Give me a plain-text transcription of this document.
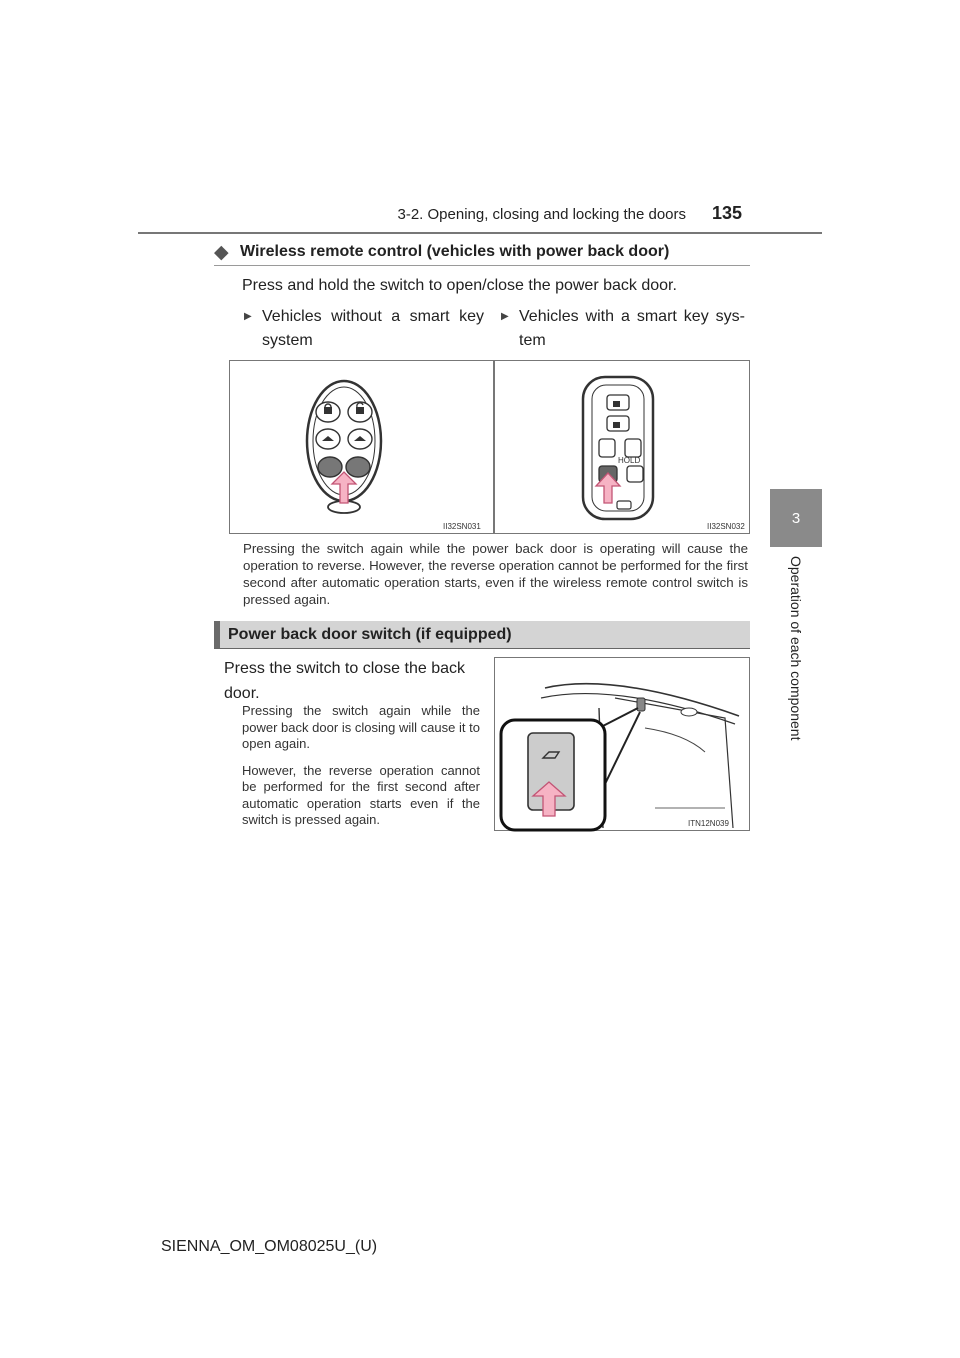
3-2. Opening, closing and locking the doors 135
3
Operation of each component
◆ Wireless remote control (vehicles with power back door)
Press and hold the switch to open/close the power back door.
▶ Vehicles without a smart key system
▶ Vehicles with a smart key sys-tem
II32SN031
HOLD
II32SN032
Pressing the switch again while the power back door is operating will cause the operation to reverse. However, the reverse operation cannot be performed for the first second after automatic operation starts, even if the wireless remote control switch is pressed again.
Power back door switch (if equipped)
Press the switch to close the back door.

Pressing the switch again while the power back door is closing will cause it to open again.

However, the reverse operation cannot be performed for the first second after automatic operation starts even if the switch is pressed again.	ITN12N039
SIENNA_OM_OM08025U_(U)
